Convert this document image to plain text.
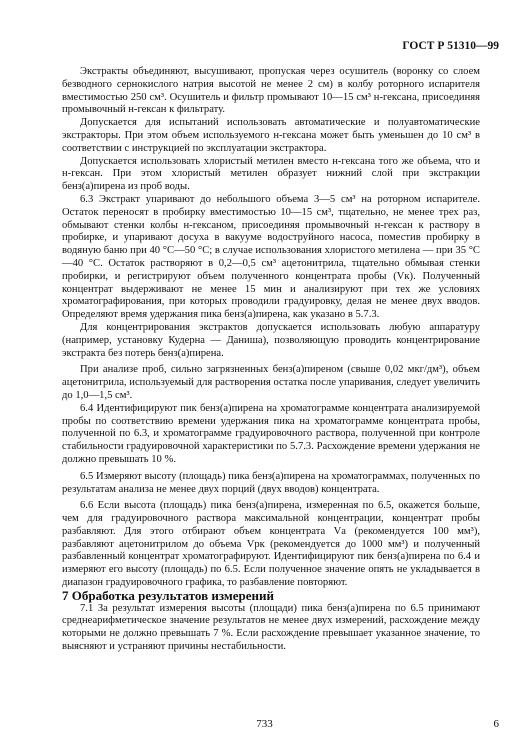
ГОСТ Р 51310—99

Экстракты объединяют, высушивают, пропуская через осушитель (воронку со слоем безводного сернокислого натрия высотой не менее 2 см) в колбу роторного испарителя вместимостью 250 см³. Осушитель и фильтр промывают 10—15 см³ н-гексана, присоединяя промывочный н-гексан к фильтрату.

Допускается для испытаний использовать автоматические и полуавтоматические экстракторы. При этом объем используемого н-гексана может быть уменьшен до 10 см³ в соответствии с инструкцией по эксплуатации экстрактора.

Допускается использовать хлористый метилен вместо н-гексана того же объема, что и н-гексан. При этом хлористый метилен образует нижний слой при экстракции бенз(а)пирена из проб воды.

6.3 Экстракт упаривают до небольшого объема 3—5 см³ на роторном испарителе. Остаток переносят в пробирку вместимостью 10—15 см³, тщательно, не менее трех раз, обмывают стенки колбы н-гексаном, присоединяя промывочный н-гексан к раствору в пробирке, и упаривают досуха в вакууме водоструйного насоса, поместив пробирку в водяную баню при 40 °С—50 °С; в случае использования хлористого метилена — при 35 °С—40 °С. Остаток растворяют в 0,2—0,5 см³ ацетонитрила, тщательно обмывая стенки пробирки, и регистрируют объем полученного концентрата пробы (Vк). Полученный концентрат выдерживают не менее 15 мин и анализируют при тех же условиях хроматографирования, при которых проводили градуировку, делая не менее двух вводов. Определяют время удержания пика бенз(а)пирена, как указано в 5.7.3.

Для концентрирования экстрактов допускается использовать любую аппаратуру (например, установку Кудерна — Даниша), позволяющую проводить концентрирование экстракта без потерь бенз(а)пирена.

При анализе проб, сильно загрязненных бенз(а)пиреном (свыше 0,02 мкг/дм³), объем ацетонитрила, используемый для растворения остатка после упаривания, следует увеличить до 1,0—1,5 см³.

6.4 Идентифицируют пик бенз(а)пирена на хроматограмме концентрата анализируемой пробы по соответствию времени удержания пика на хроматограмме концентрата пробы, полученной по 6.3, и хроматограмме градуировочного раствора, полученной при контроле стабильности градуировочной характеристики по 5.7.3. Расхождение времени удержания не должно превышать 10 %.

6.5 Измеряют высоту (площадь) пика бенз(а)пирена на хроматограммах, полученных по результатам анализа не менее двух порций (двух вводов) концентрата.

6.6 Если высота (площадь) пика бенз(а)пирена, измеренная по 6.5, окажется больше, чем для градуировочного раствора максимальной концентрации, концентрат пробы разбавляют. Для этого отбирают объем концентрата Vа (рекомендуется 100 мм³), разбавляют ацетонитрилом до объема Vрк (рекомендуется до 1000 мм³) и полученный разбавленный концентрат хроматографируют. Идентифицируют пик бенз(а)пирена по 6.4 и измеряют его высоту (площадь) по 6.5. Если полученное значение опять не укладывается в диапазон градуировочного графика, то разбавление повторяют.

7 Обработка результатов измерений

7.1 За результат измерения высоты (площади) пика бенз(а)пирена по 6.5 принимают среднеарифметическое значение результатов не менее двух измерений, расхождение между которыми не должно превышать 7 %. Если расхождение превышает указанное значение, то выясняют и устраняют причины нестабильности.

733	6
